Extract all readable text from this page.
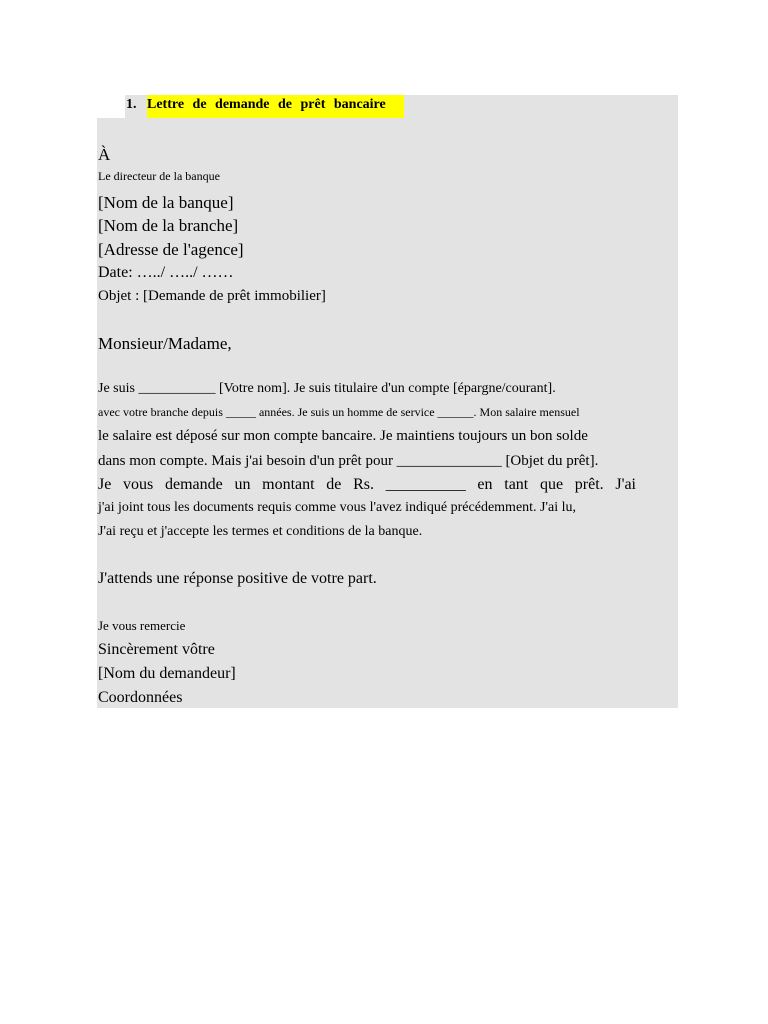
1. Lettre de demande de prêt bancaire
À
Le directeur de la banque
[Nom de la banque]
[Nom de la branche]
[Adresse de l'agence]
Date: …../ …../ ……
Objet : [Demande de prêt immobilier]
Monsieur/Madame,
Je suis ___________ [Votre nom]. Je suis titulaire d'un compte [épargne/courant].
avec votre branche depuis _____ années. Je suis un homme de service ______. Mon salaire mensuel
le salaire est déposé sur mon compte bancaire. Je maintiens toujours un bon solde
dans mon compte. Mais j'ai besoin d'un prêt pour ______________ [Objet du prêt].
Je vous demande un montant de Rs. __________ en tant que prêt. J'ai
j'ai joint tous les documents requis comme vous l'avez indiqué précédemment. J'ai lu,
J'ai reçu et j'accepte les termes et conditions de la banque.
J'attends une réponse positive de votre part.
Je vous remercie
Sincèrement vôtre
[Nom du demandeur]
Coordonnées
